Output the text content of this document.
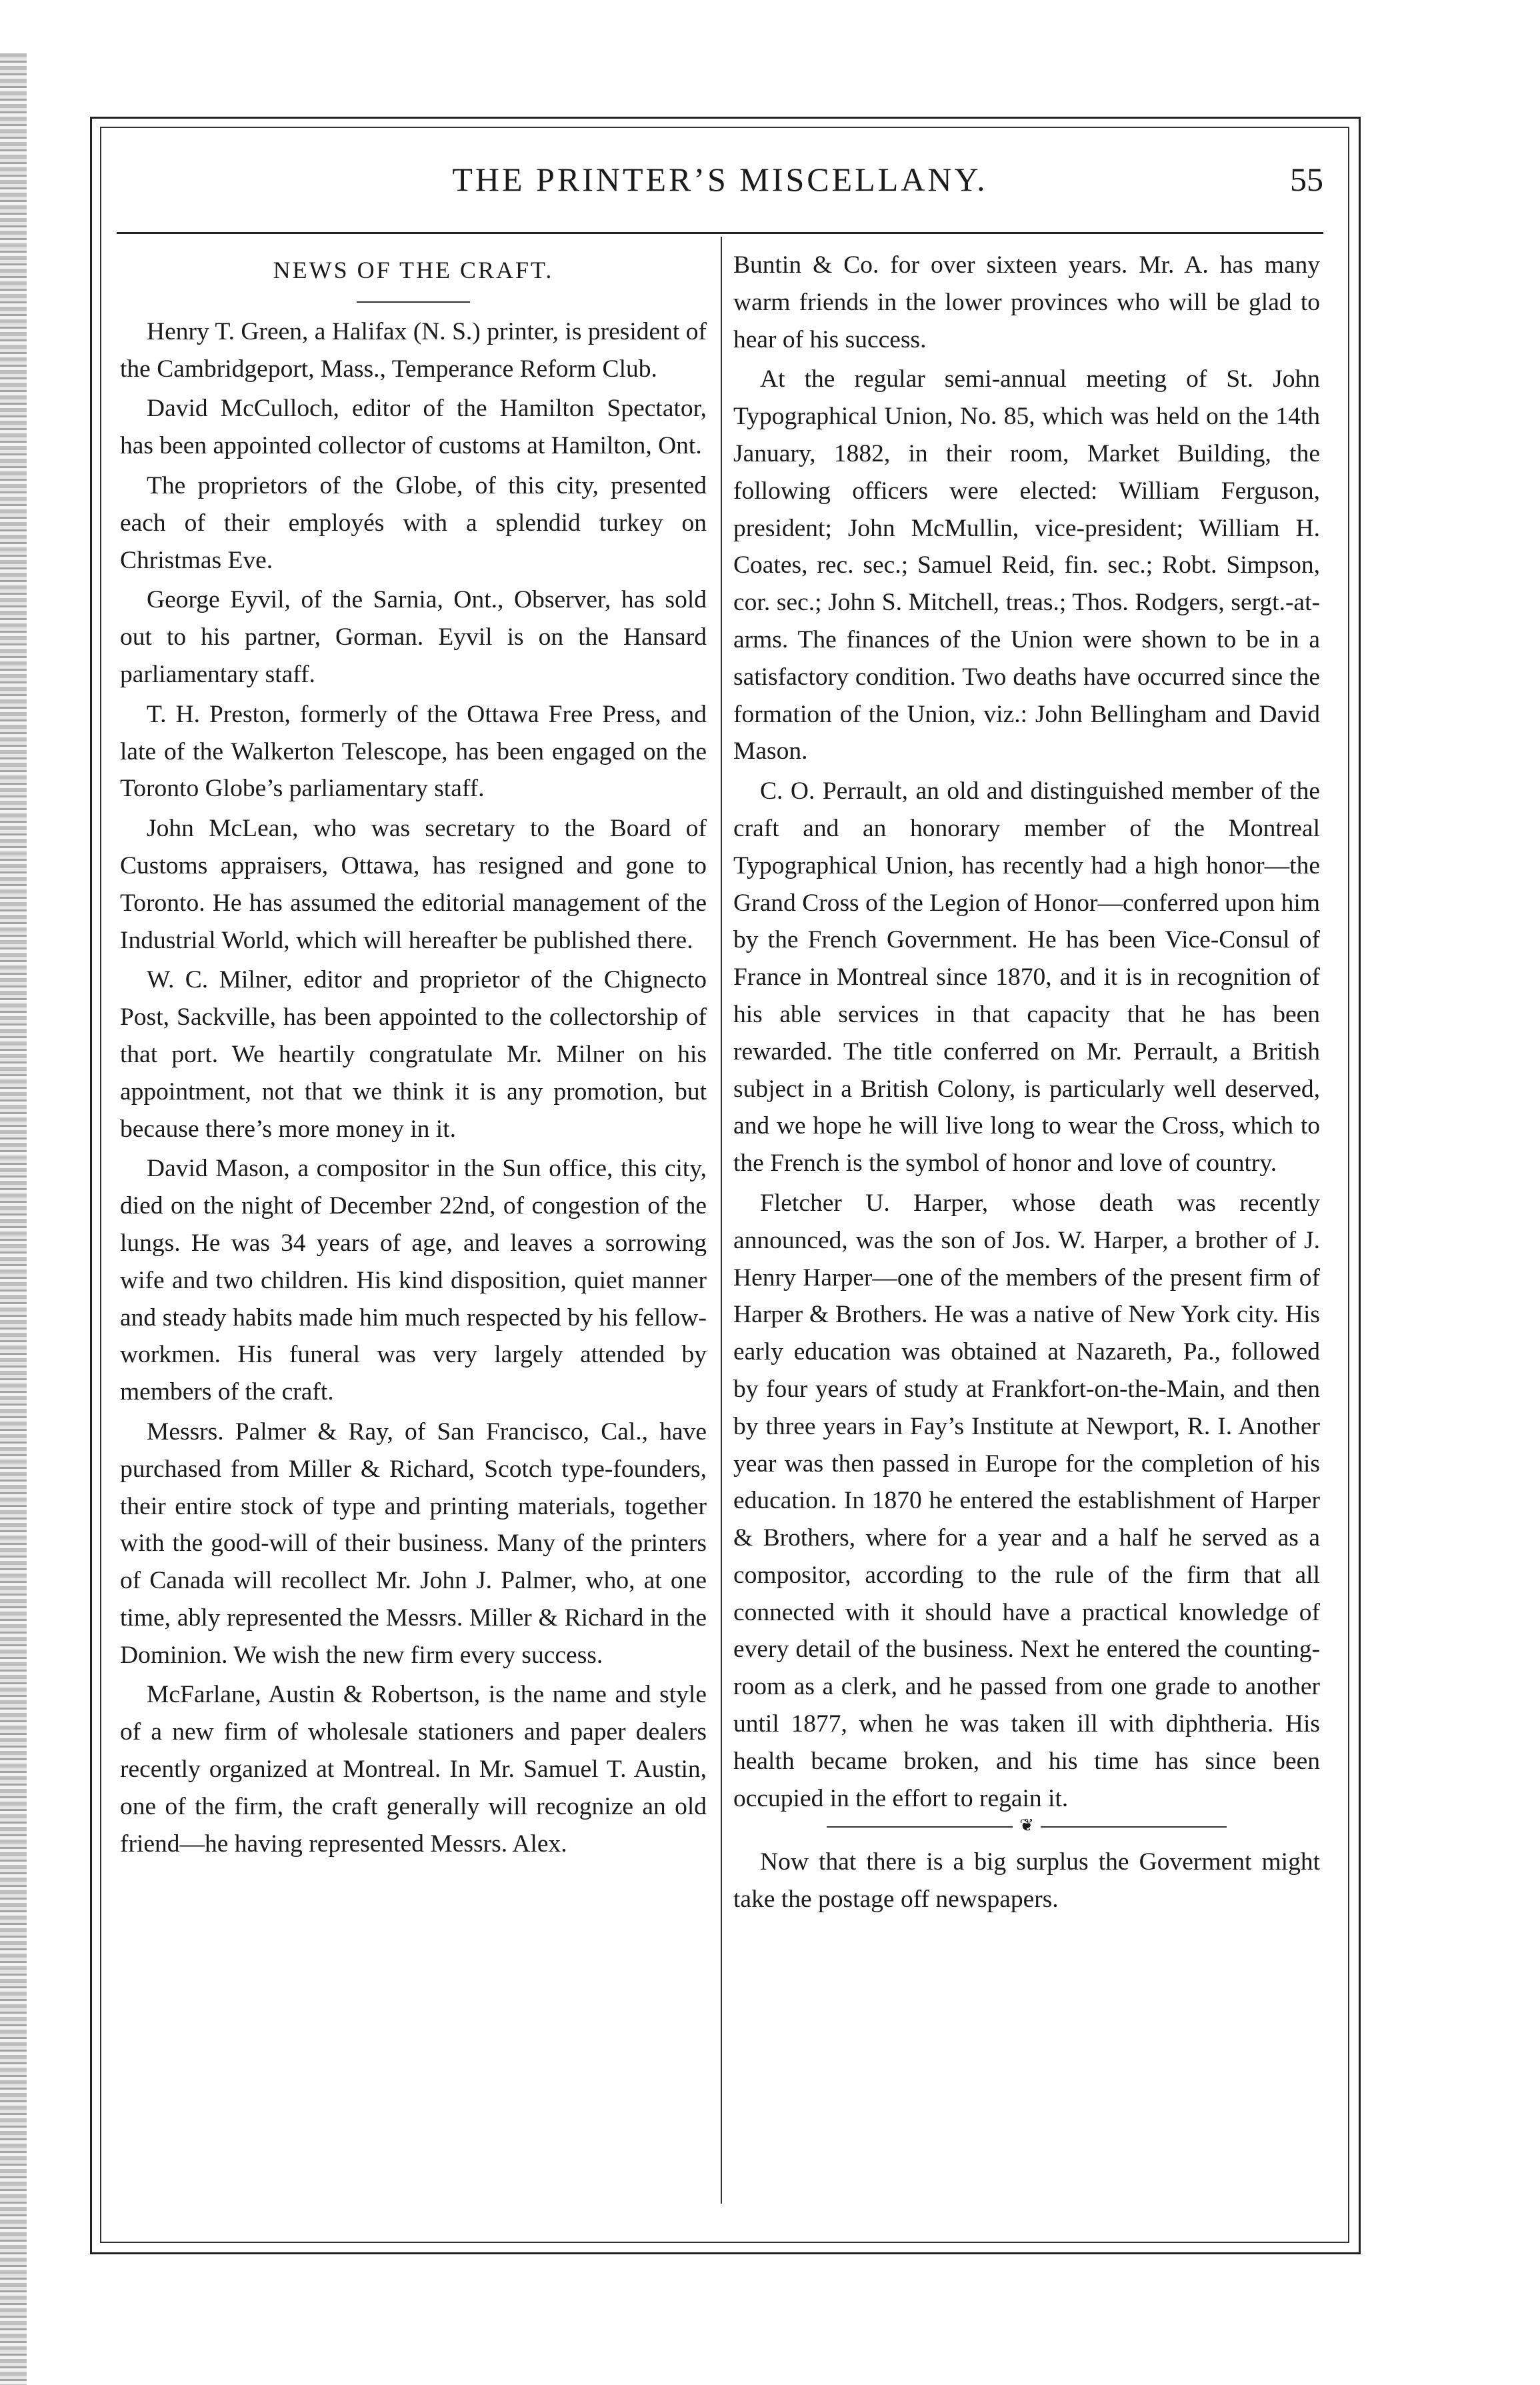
THE PRINTER’S MISCELLANY.	55
NEWS OF THE CRAFT.

Henry T. Green, a Halifax (N. S.) printer, is president of the Cambridgeport, Mass., Temperance Reform Club.

David McCulloch, editor of the Hamilton Spectator, has been appointed collector of customs at Hamilton, Ont.

The proprietors of the Globe, of this city, presented each of their employés with a splendid turkey on Christmas Eve.

George Eyvil, of the Sarnia, Ont., Observer, has sold out to his partner, Gorman. Eyvil is on the Hansard parliamentary staff.

T. H. Preston, formerly of the Ottawa Free Press, and late of the Walkerton Telescope, has been engaged on the Toronto Globe’s parliamentary staff.

John McLean, who was secretary to the Board of Customs appraisers, Ottawa, has resigned and gone to Toronto. He has assumed the editorial management of the Industrial World, which will hereafter be published there.

W. C. Milner, editor and proprietor of the Chignecto Post, Sackville, has been appointed to the collectorship of that port. We heartily congratulate Mr. Milner on his appointment, not that we think it is any promotion, but because there’s more money in it.

David Mason, a compositor in the Sun office, this city, died on the night of December 22nd, of congestion of the lungs. He was 34 years of age, and leaves a sorrowing wife and two children. His kind disposition, quiet manner and steady habits made him much respected by his fellow-workmen. His funeral was very largely attended by members of the craft.

Messrs. Palmer & Ray, of San Francisco, Cal., have purchased from Miller & Richard, Scotch type-founders, their entire stock of type and printing materials, together with the good-will of their business. Many of the printers of Canada will recollect Mr. John J. Palmer, who, at one time, ably represented the Messrs. Miller & Richard in the Dominion. We wish the new firm every success.

McFarlane, Austin & Robertson, is the name and style of a new firm of wholesale stationers and paper dealers recently organized at Montreal. In Mr. Samuel T. Austin, one of the firm, the craft generally will recognize an old friend—he having represented Messrs. Alex.

Buntin & Co. for over sixteen years. Mr. A. has many warm friends in the lower provinces who will be glad to hear of his success.

At the regular semi-annual meeting of St. John Typographical Union, No. 85, which was held on the 14th January, 1882, in their room, Market Building, the following officers were elected: William Ferguson, president; John McMullin, vice-president; William H. Coates, rec. sec.; Samuel Reid, fin. sec.; Robt. Simpson, cor. sec.; John S. Mitchell, treas.; Thos. Rodgers, sergt.-at-arms. The finances of the Union were shown to be in a satisfactory condition. Two deaths have occurred since the formation of the Union, viz.: John Bellingham and David Mason.

C. O. Perrault, an old and distinguished member of the craft and an honorary member of the Montreal Typographical Union, has recently had a high honor—the Grand Cross of the Legion of Honor—conferred upon him by the French Government. He has been Vice-Consul of France in Montreal since 1870, and it is in recognition of his able services in that capacity that he has been rewarded. The title conferred on Mr. Perrault, a British subject in a British Colony, is particularly well deserved, and we hope he will live long to wear the Cross, which to the French is the symbol of honor and love of country.

Fletcher U. Harper, whose death was recently announced, was the son of Jos. W. Harper, a brother of J. Henry Harper—one of the members of the present firm of Harper & Brothers. He was a native of New York city. His early education was obtained at Nazareth, Pa., followed by four years of study at Frankfort-on-the-Main, and then by three years in Fay’s Institute at Newport, R. I. Another year was then passed in Europe for the completion of his education. In 1870 he entered the establishment of Harper & Brothers, where for a year and a half he served as a compositor, according to the rule of the firm that all connected with it should have a practical knowledge of every detail of the business. Next he entered the counting-room as a clerk, and he passed from one grade to another until 1877, when he was taken ill with diphtheria. His health became broken, and his time has since been occupied in the effort to regain it.

❦

Now that there is a big surplus the Goverment might take the postage off newspapers.
